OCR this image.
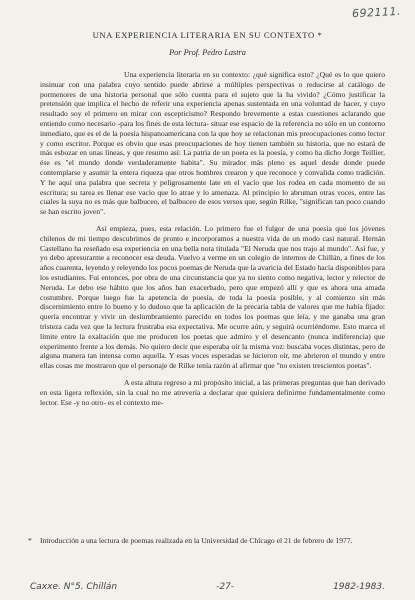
692111.
UNA EXPERIENCIA LITERARIA EN SU CONTEXTO *
Por Prof. Pedro Lastra

Una experiencia literaria en su contexto: ¿qué significa esto? ¿Qué es lo que quiero insinuar con una palabra cuyo sentido puede abrirse a múltiples perspectivas o reducirse al catálogo de pormenores de una historia personal que sólo cuenta para el sujeto que la ha vivido? ¿Cómo justificar la pretensión que implica el hecho de referir una experiencia apenas sustentada en una voluntad de hacer, y cuyo resultado soy el primero en mirar con escepticismo? Respondo brevemente a estas cuestiones aclarando que entiendo como necesario -para los fines de esta lectura- situar ese espacio de la referencia no sólo en un contorno inmediato, que es el de la poesía hispanoamericana con la que hoy se relacionan mis preocupaciones como lector y como escritor. Porque es obvio que esas preocupaciones de hoy tienen también su historia, que no estará de más esbozar en unas líneas, y que resumo así: La patria de un poeta es la poesía, y como ha dicho Jorge Teillier, ése es "el mundo donde verdaderamente habita". Su mirador más pleno es aquel desde donde puede contemplarse y asumir la entera riqueza que otros hombres crearon y que reconoce y convalida como tradición. Y he aquí una palabra que secreta y peligrosamente late en el vacío que los rodea en cada momento de su escritura; su tarea es llenar ese vacío que lo atrae y lo amenaza. Al principio lo abruman otras voces, entre las cuales la suya no es más que balbuceo, el balbuceo de esos versos que, según Rilke, "significan tan poco cuando se han escrito joven".

Así empieza, pues, esta relación. Lo primero fue el fulgor de una poesía que los jóvenes chilenos de mi tiempo descubrimos de pronto e incorporamos a nuestra vida de un modo casi natural. Hernán Castellano ha reseñado esa experiencia en una bella nota titulada "El Neruda que nos trajo al mundo". Así fue, y yo debo apresurarme a reconocer esa deuda. Vuelvo a verme en un colegio de internos de Chillán, a fines de los años cuarenta, leyendo y releyendo los pocos poemas de Neruda que la avaricia del Estado hacía disponibles para los estudiantes. Fui entonces, por obra de una circunstancia que ya no siento como negativa, lector y relector de Neruda. Le debo ese hábito que los años han exacerbado, pero que empezó allí y que es ahora una amada costumbre. Porque luego fue la apetencia de poesía, de toda la poesía posible, y al comienzo sin más discernimiento entre lo bueno y lo dudoso que la aplicación de la precaria tabla de valores que me había fijado: quería encontrar y vivir un deslumbramiento parecido en todos los poemas que leía, y me ganaba una gran tristeza cada vez que la lectura frustraba esa expectativa. Me ocurre aún, y seguirá ocurriéndome. Esto marca el límite entre la exaltación que me producen los poetas que admiro y el desencanto (nunca indiferencia) que experimento frente a los demás. No quiero decir que esperaba oír la misma voz: buscaba voces distintas, pero de alguna manera tan intensa como aquella. Y esas voces esperadas se hicieron oír, me abrieron el mundo y entre ellas cosas me mostraron que el personaje de Rilke tenía razón al afirmar que "no existen trescientos poetas".

A esta altura regreso a mi propósito inicial, a las primeras preguntas que han derivado en esta ligera reflexión, sin la cual no me atrevería a declarar que quisiera definirme fundamentalmente como lector. Ese -y no otro- es el contexto me-

* Introducción a una lectura de poemas realizada en la Universidad de Chicago el 21 de febrero de 1977.
Caxxe. N°5. Chillán	-27-	1982-1983.
